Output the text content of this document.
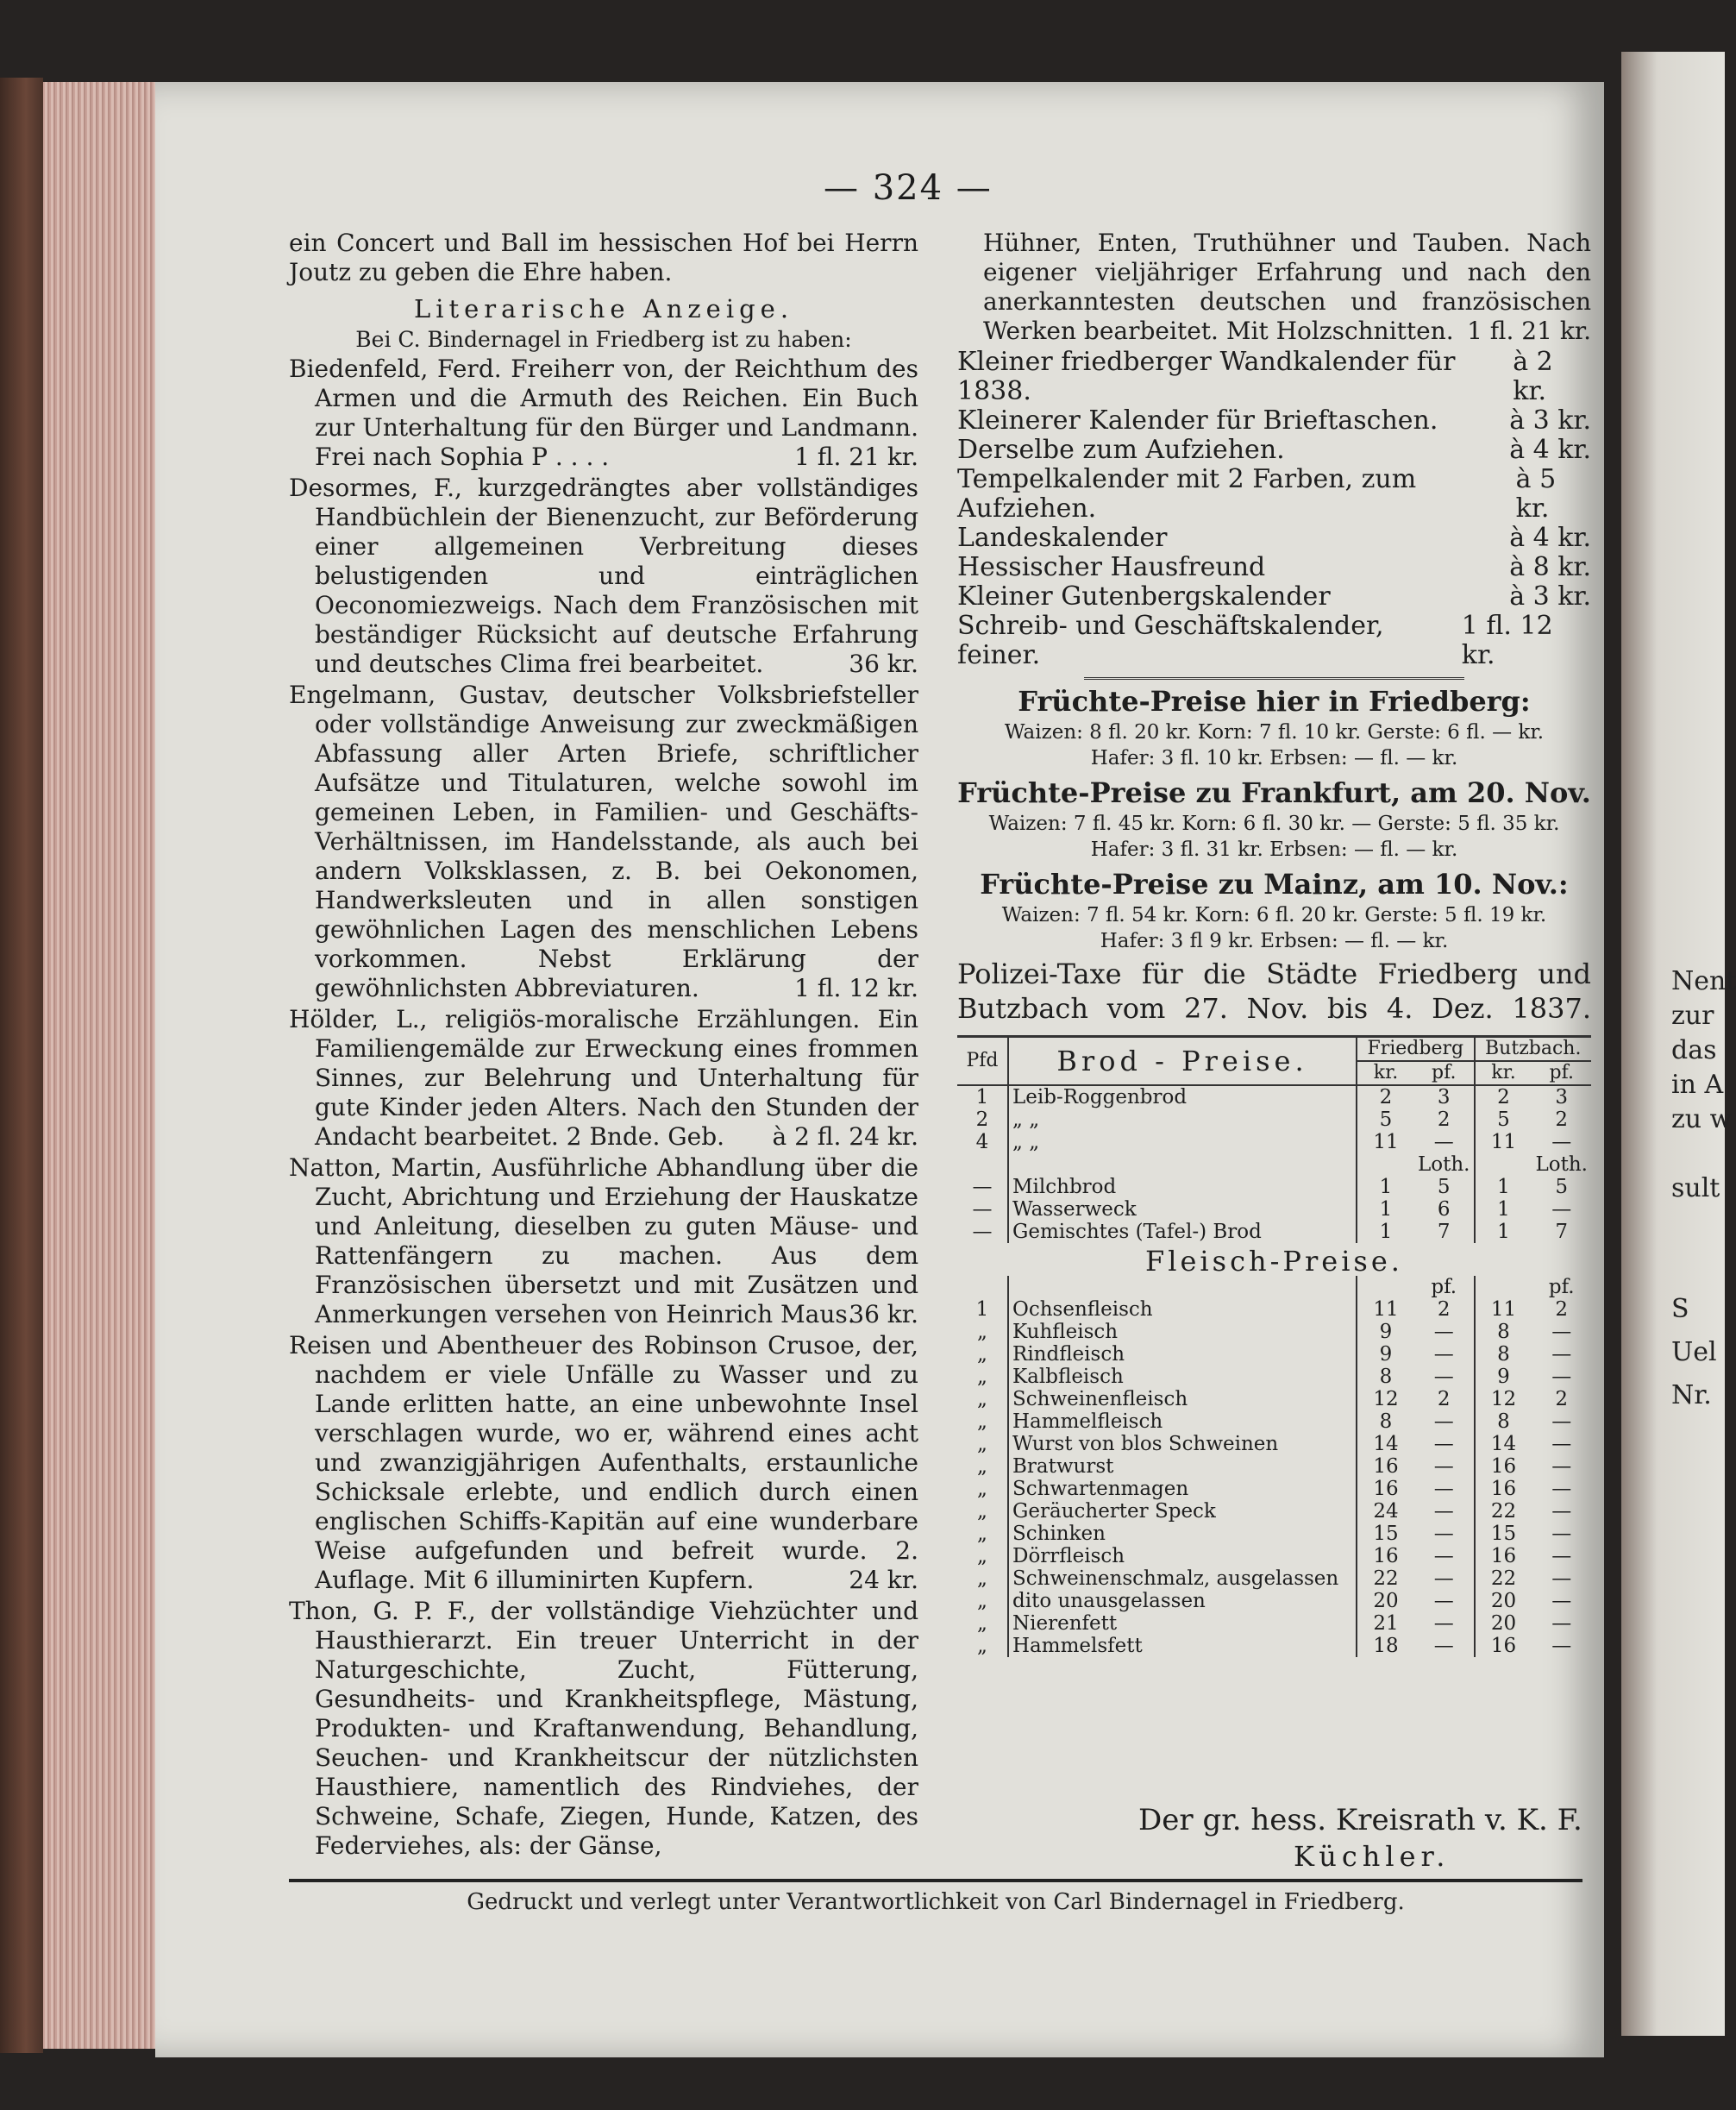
Nent
zur
das
in A
zu w
sult
S
Uel
Nr.
— 324 —

ein Concert und Ball im hessischen Hof bei Herrn Joutz zu geben die Ehre haben.

Literarische Anzeige.
Bei C. Bindernagel in Friedberg ist zu haben:

Biedenfeld, Ferd. Freiherr von, der Reichthum des Armen und die Armuth des Reichen. Ein Buch zur Unterhaltung für den Bürger und Landmann. Frei nach Sophia P . . . .	1 fl. 21 kr.

Desormes, F., kurzgedrängtes aber vollständiges Handbüchlein der Bienenzucht, zur Beförderung einer allgemeinen Verbreitung dieses belustigenden und einträglichen Oeconomiezweigs. Nach dem Französischen mit beständiger Rücksicht auf deutsche Erfahrung und deutsches Clima frei bearbeitet.	36 kr.

Engelmann, Gustav, deutscher Volksbriefsteller oder vollständige Anweisung zur zweckmäßigen Abfassung aller Arten Briefe, schriftlicher Aufsätze und Titulaturen, welche sowohl im gemeinen Leben, in Familien- und Geschäfts-Verhältnissen, im Handelsstande, als auch bei andern Volksklassen, z. B. bei Oekonomen, Handwerksleuten und in allen sonstigen gewöhnlichen Lagen des menschlichen Lebens vorkommen. Nebst Erklärung der gewöhnlichsten Abbreviaturen.	1 fl. 12 kr.

Hölder, L., religiös-moralische Erzählungen. Ein Familiengemälde zur Erweckung eines frommen Sinnes, zur Belehrung und Unterhaltung für gute Kinder jeden Alters. Nach den Stunden der Andacht bearbeitet. 2 Bnde. Geb. à 2 fl. 24 kr.

Natton, Martin, Ausführliche Abhandlung über die Zucht, Abrichtung und Erziehung der Hauskatze und Anleitung, dieselben zu guten Mäuse- und Rattenfängern zu machen. Aus dem Französischen übersetzt und mit Zusätzen und Anmerkungen versehen von Heinrich Maus.
36 kr.

Reisen und Abentheuer des Robinson Crusoe, der, nachdem er viele Unfälle zu Wasser und zu Lande erlitten hatte, an eine unbewohnte Insel verschlagen wurde, wo er, während eines acht und zwanzigjährigen Aufenthalts, erstaunliche Schicksale erlebte, und endlich durch einen englischen Schiffs-Kapitän auf eine wunderbare Weise aufgefunden und befreit wurde. 2. Auflage. Mit 6 illuminirten Kupfern.	24 kr.

Thon, G. P. F., der vollständige Viehzüchter und Hausthierarzt. Ein treuer Unterricht in der Naturgeschichte, Zucht, Fütterung, Gesundheits- und Krankheitspflege, Mästung, Produkten- und Kraftanwendung, Behandlung, Seuchen- und Krankheitscur der nützlichsten Hausthiere, namentlich des Rindviehes, der Schweine, Schafe, Ziegen, Hunde, Katzen, des Federviehes, als: der Gänse,

Hühner, Enten, Truthühner und Tauben. Nach eigener vieljähriger Erfahrung und nach den anerkanntesten deutschen und französischen Werken bearbeitet. Mit Holzschnitten. 1 fl. 21 kr.

Kleiner friedberger Wandkalender für 1838.
à 2 kr.
Kleinerer Kalender für Brieftaschen.	à 3 kr.
Derselbe zum Aufziehen.	à 4 kr.
Tempelkalender mit 2 Farben, zum Aufziehen.
à 5 kr.
Landeskalender	à 4 kr.
Hessischer Hausfreund	à 8 kr.
Kleiner Gutenbergskalender	à 3 kr.
Schreib- und Geschäftskalender, feiner.
1 fl. 12 kr.
Früchte-Preise hier in Friedberg:
Waizen: 8 fl. 20 kr. Korn: 7 fl. 10 kr. Gerste: 6 fl. — kr.
Hafer: 3 fl. 10 kr. Erbsen: — fl. — kr.
Früchte-Preise zu Frankfurt, am 20. Nov.
Waizen: 7 fl. 45 kr. Korn: 6 fl. 30 kr. — Gerste: 5 fl. 35 kr.
Hafer: 3 fl. 31 kr. Erbsen: — fl. — kr.
Früchte-Preise zu Mainz, am 10. Nov.:
Waizen: 7 fl. 54 kr. Korn: 6 fl. 20 kr. Gerste: 5 fl. 19 kr.
Hafer: 3 fl 9 kr. Erbsen: — fl. — kr.
Polizei-Taxe für die Städte Friedberg und
Butzbach vom 27. Nov. bis 4. Dez. 1837.
Pfd	Brod - Preise.	Friedberg		Butzbach.	
		kr.	pf.	kr.	pf.
1	Leib-Roggenbrod	2	3	2	3
2	„ „	5	2	5	2
4	„ „	11	—	11	—
			Loth.		Loth.
—	Milchbrod	1	5	1	5
—	Wasserweck	1	6	1	—
—	Gemischtes (Tafel-) Brod	1	7	1	7
Fleisch-Preise.					
			pf.		pf.
1	Ochsenfleisch	11	2	11	2
„	Kuhfleisch	9	—	8	—
„	Rindfleisch	9	—	8	—
„	Kalbfleisch	8	—	9	—
„	Schweinenfleisch	12	2	12	2
„	Hammelfleisch	8	—	8	—
„	Wurst von blos Schweinen	14	—	14	—
„	Bratwurst	16	—	16	—
„	Schwartenmagen	16	—	16	—
„	Geräucherter Speck	24	—	22	—
„	Schinken	15	—	15	—
„	Dörrfleisch	16	—	16	—
„	Schweinenschmalz, ausgelassen	22	—	22	—
„	dito unausgelassen	20	—	20	—
„	Nierenfett	21	—	20	—
„	Hammelsfett	18	—	16	—
Der gr. hess. Kreisrath v. K. F.
Küchler.
Gedruckt und verlegt unter Verantwortlichkeit von Carl Bindernagel in Friedberg.
